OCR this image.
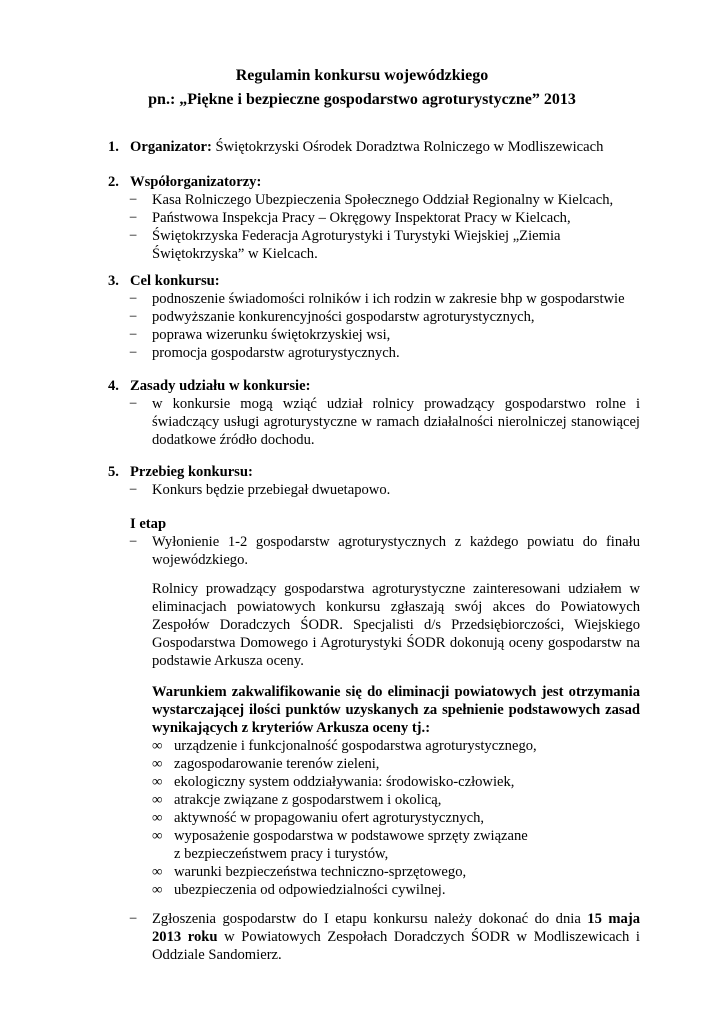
Regulamin konkursu wojewódzkiego
pn.: „Piękne i bezpieczne gospodarstwo agroturystyczne” 2013
1. Organizator: Świętokrzyski Ośrodek Doradztwa Rolniczego w Modliszewicach
2. Współorganizatorzy:
− Kasa Rolniczego Ubezpieczenia Społecznego Oddział Regionalny w Kielcach,
− Państwowa Inspekcja Pracy – Okręgowy Inspektorat Pracy w Kielcach,
− Świętokrzyska Federacja Agroturystyki i Turystyki Wiejskiej „Ziemia Świętokrzyska” w Kielcach.
3. Cel konkursu:
− podnoszenie świadomości rolników i ich rodzin w zakresie bhp w gospodarstwie
− podwyższanie konkurencyjności gospodarstw agroturystycznych,
− poprawa wizerunku świętokrzyskiej wsi,
− promocja gospodarstw agroturystycznych.
4. Zasady udziału w konkursie:
− w konkursie mogą wziąć udział rolnicy prowadzący gospodarstwo rolne i świadczący usługi agroturystyczne w ramach działalności nierolniczej stanowiącej dodatkowe źródło dochodu.
5. Przebieg konkursu:
− Konkurs będzie przebiegał dwuetapowo.
I etap
− Wyłonienie 1-2 gospodarstw agroturystycznych z każdego powiatu do finału wojewódzkiego.
Rolnicy prowadzący gospodarstwa agroturystyczne zainteresowani udziałem w eliminacjach powiatowych konkursu zgłaszają swój akces do Powiatowych Zespołów Doradczych ŚODR. Specjalisti d/s Przedsiębiorczości, Wiejskiego Gospodarstwa Domowego i Agroturystyki ŚODR dokonują oceny gospodarstw na podstawie Arkusza oceny.
Warunkiem zakwalifikowanie się do eliminacji powiatowych jest otrzymania wystarczającej ilości punktów uzyskanych za spełnienie podstawowych zasad wynikających z kryteriów Arkusza oceny tj.:
∞ urządzenie i funkcjonalność gospodarstwa agroturystycznego,
∞ zagospodarowanie terenów zieleni,
∞ ekologiczny system oddziaływania: środowisko-człowiek,
∞ atrakcje związane z gospodarstwem i okolicą,
∞ aktywność w propagowaniu ofert agroturystycznych,
∞ wyposażenie gospodarstwa w podstawowe sprzęty związane
z bezpieczeństwem pracy i turystów,
∞ warunki bezpieczeństwa techniczno-sprzętowego,
∞ ubezpieczenia od odpowiedzialności cywilnej.
− Zgłoszenia gospodarstw do I etapu konkursu należy dokonać do dnia 15 maja 2013 roku w Powiatowych Zespołach Doradczych ŚODR w Modliszewicach i Oddziale Sandomierz.
